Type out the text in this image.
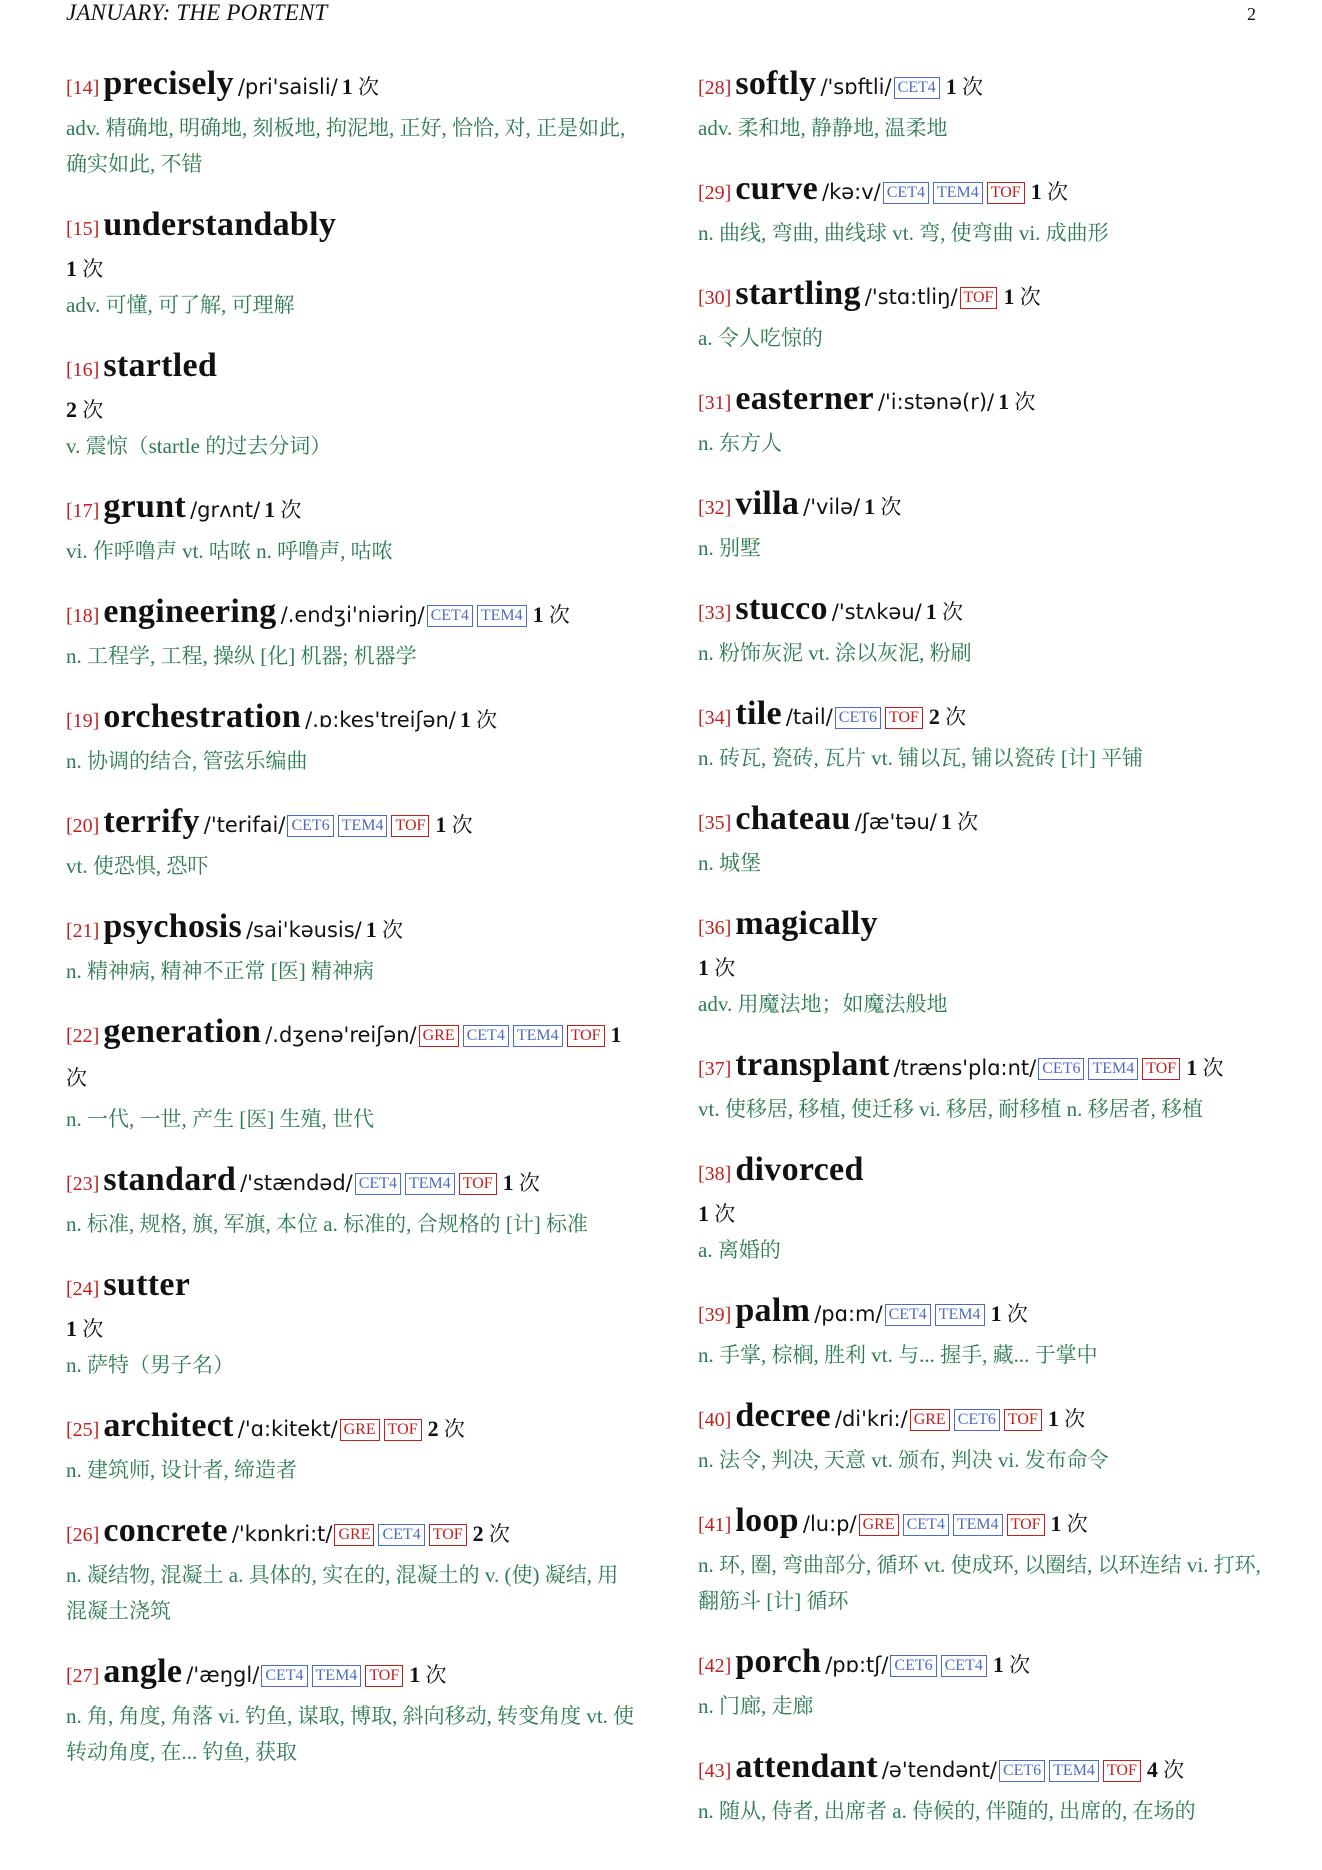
JANUARY: THE PORTENT	2
[14] precisely /pri'saisli/ 1 次
adv. 精确地, 明确地, 刻板地, 拘泥地, 正好, 恰恰, 对, 正是如此, 确实如此, 不错
[15] understandably
1 次
adv. 可懂, 可了解, 可理解
[16] startled
2 次
v. 震惊（startle 的过去分词）
[17] grunt /grʌnt/ 1 次
vi. 作呼噜声 vt. 咕哝 n. 呼噜声, 咕哝
[18] engineering /.endʒi'niəriŋ/ CET4 TEM4 1 次
n. 工程学, 工程, 操纵 [化] 机器; 机器学
[19] orchestration /.ɒ:kes'treiʃən/ 1 次
n. 协调的结合, 管弦乐编曲
[20] terrify /'terifai/ CET6 TEM4 TOF 1 次
vt. 使恐惧, 恐吓
[21] psychosis /sai'kəusis/ 1 次
n. 精神病, 精神不正常 [医] 精神病
[22] generation /.dʒenə'reiʃən/ GRE CET4 TEM4 TOF 1 次
n. 一代, 一世, 产生 [医] 生殖, 世代
[23] standard /'stændəd/ CET4 TEM4 TOF 1 次
n. 标准, 规格, 旗, 军旗, 本位 a. 标准的, 合规格的 [计] 标准
[24] sutter
1 次
n. 萨特（男子名）
[25] architect /'ɑ:kitekt/ GRE TOF 2 次
n. 建筑师, 设计者, 缔造者
[26] concrete /'kɒnkri:t/ GRE CET4 TOF 2 次
n. 凝结物, 混凝土 a. 具体的, 实在的, 混凝土的 v. (使) 凝结, 用混凝土浇筑
[27] angle /'æŋgl/ CET4 TEM4 TOF 1 次
n. 角, 角度, 角落 vi. 钓鱼, 谋取, 博取, 斜向移动, 转变角度 vt. 使转动角度, 在... 钓鱼, 获取
[28] softly /'sɒftli/ CET4 1 次
adv. 柔和地, 静静地, 温柔地
[29] curve /kə:v/ CET4 TEM4 TOF 1 次
n. 曲线, 弯曲, 曲线球 vt. 弯, 使弯曲 vi. 成曲形
[30] startling /'stɑ:tliŋ/ TOF 1 次
a. 令人吃惊的
[31] easterner /'i:stənə(r)/ 1 次
n. 东方人
[32] villa /'vilə/ 1 次
n. 别墅
[33] stucco /'stʌkəu/ 1 次
n. 粉饰灰泥 vt. 涂以灰泥, 粉刷
[34] tile /tail/ CET6 TOF 2 次
n. 砖瓦, 瓷砖, 瓦片 vt. 铺以瓦, 铺以瓷砖 [计] 平铺
[35] chateau /ʃæ'təu/ 1 次
n. 城堡
[36] magically
1 次
adv. 用魔法地；如魔法般地
[37] transplant /træns'plɑ:nt/ CET6 TEM4 TOF 1 次
vt. 使移居, 移植, 使迁移 vi. 移居, 耐移植 n. 移居者, 移植
[38] divorced
1 次
a. 离婚的
[39] palm /pɑ:m/ CET4 TEM4 1 次
n. 手掌, 棕榈, 胜利 vt. 与... 握手, 藏... 于掌中
[40] decree /di'kri:/ GRE CET6 TOF 1 次
n. 法令, 判决, 天意 vt. 颁布, 判决 vi. 发布命令
[41] loop /lu:p/ GRE CET4 TEM4 TOF 1 次
n. 环, 圈, 弯曲部分, 循环 vt. 使成环, 以圈结, 以环连结 vi. 打环, 翻筋斗 [计] 循环
[42] porch /pɒ:tʃ/ CET6 CET4 1 次
n. 门廊, 走廊
[43] attendant /ə'tendənt/ CET6 TEM4 TOF 4 次
n. 随从, 侍者, 出席者 a. 侍候的, 伴随的, 出席的, 在场的
